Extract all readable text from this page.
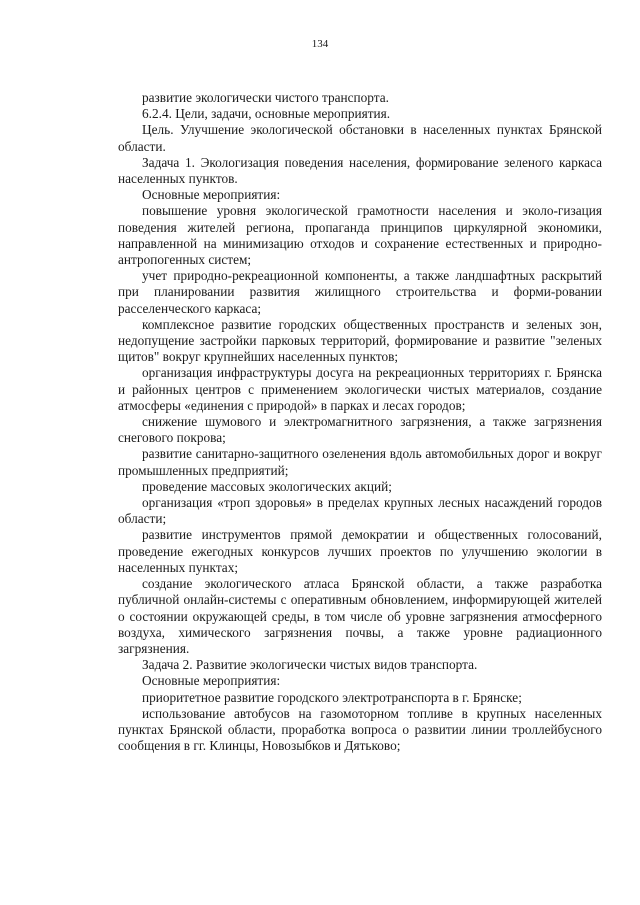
134

развитие экологически чистого транспорта.

6.2.4. Цели, задачи, основные мероприятия.

Цель. Улучшение экологической обстановки в населенных пунктах Брянской области.

Задача 1. Экологизация поведения населения, формирование зеленого каркаса населенных пунктов.

Основные мероприятия:

повышение уровня экологической грамотности населения и эколо-гизация поведения жителей региона, пропаганда принципов циркулярной экономики, направленной на минимизацию отходов и сохранение естественных и природно-антропогенных систем;

учет природно-рекреационной компоненты, а также ландшафтных раскрытий при планировании развития жилищного строительства и форми-ровании расселенческого каркаса;

комплексное развитие городских общественных пространств и зеленых зон, недопущение застройки парковых территорий, формирование и развитие "зеленых щитов" вокруг крупнейших населенных пунктов;

организация инфраструктуры досуга на рекреационных территориях г. Брянска и районных центров с применением экологически чистых материалов, создание атмосферы «единения с природой» в парках и лесах городов;

снижение шумового и электромагнитного загрязнения, а также загрязнения снегового покрова;

развитие санитарно-защитного озеленения вдоль автомобильных дорог и вокруг промышленных предприятий;

проведение массовых экологических акций;

организация «троп здоровья» в пределах крупных лесных насаждений городов области;

развитие инструментов прямой демократии и общественных голосований, проведение ежегодных конкурсов лучших проектов по улучшению экологии в населенных пунктах;

создание экологического атласа Брянской области, а также разработка публичной онлайн-системы с оперативным обновлением, информирующей жителей о состоянии окружающей среды, в том числе об уровне загрязнения атмосферного воздуха, химического загрязнения почвы, а также уровне радиационного загрязнения.

Задача 2. Развитие экологически чистых видов транспорта.

Основные мероприятия:

приоритетное развитие городского электротранспорта в г. Брянске;

использование автобусов на газомоторном топливе в крупных населенных пунктах Брянской области, проработка вопроса о развитии линии троллейбусного сообщения в гг. Клинцы, Новозыбков и Дятьково;
